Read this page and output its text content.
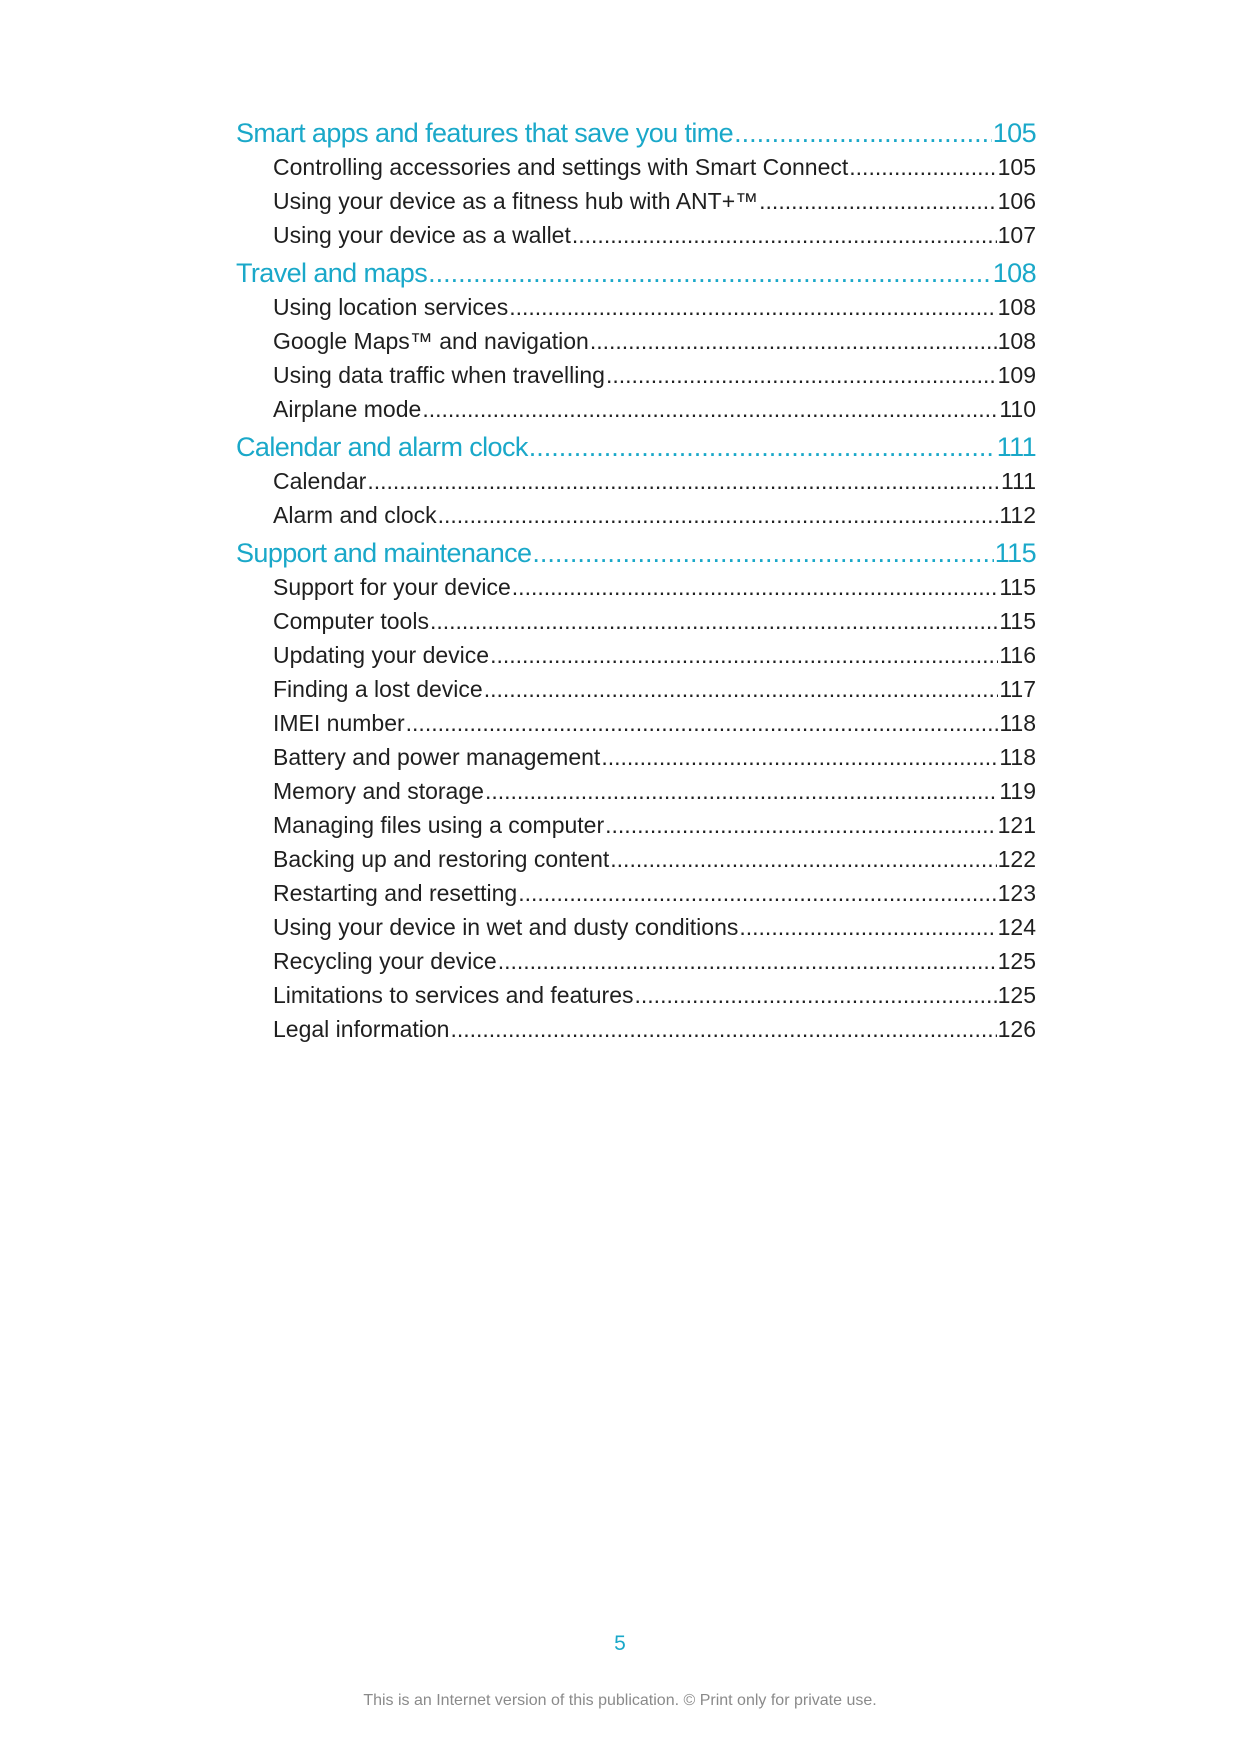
Smart apps and features that save you time .....	105
Controlling accessories and settings with Smart Connect .....	105
Using your device as a fitness hub with ANT+™ .....	106
Using your device as a wallet .....	107
Travel and maps .....	108
Using location services .....	108
Google Maps™ and navigation .....	108
Using data traffic when travelling .....	109
Airplane mode .....	110
Calendar and alarm clock .....	111
Calendar .....	111
Alarm and clock .....	112
Support and maintenance .....	115
Support for your device .....	115
Computer tools .....	115
Updating your device .....	116
Finding a lost device .....	117
IMEI number .....	118
Battery and power management .....	118
Memory and storage .....	119
Managing files using a computer .....	121
Backing up and restoring content .....	122
Restarting and resetting .....	123
Using your device in wet and dusty conditions .....	124
Recycling your device .....	125
Limitations to services and features .....	125
Legal information .....	126
5
This is an Internet version of this publication. © Print only for private use.
